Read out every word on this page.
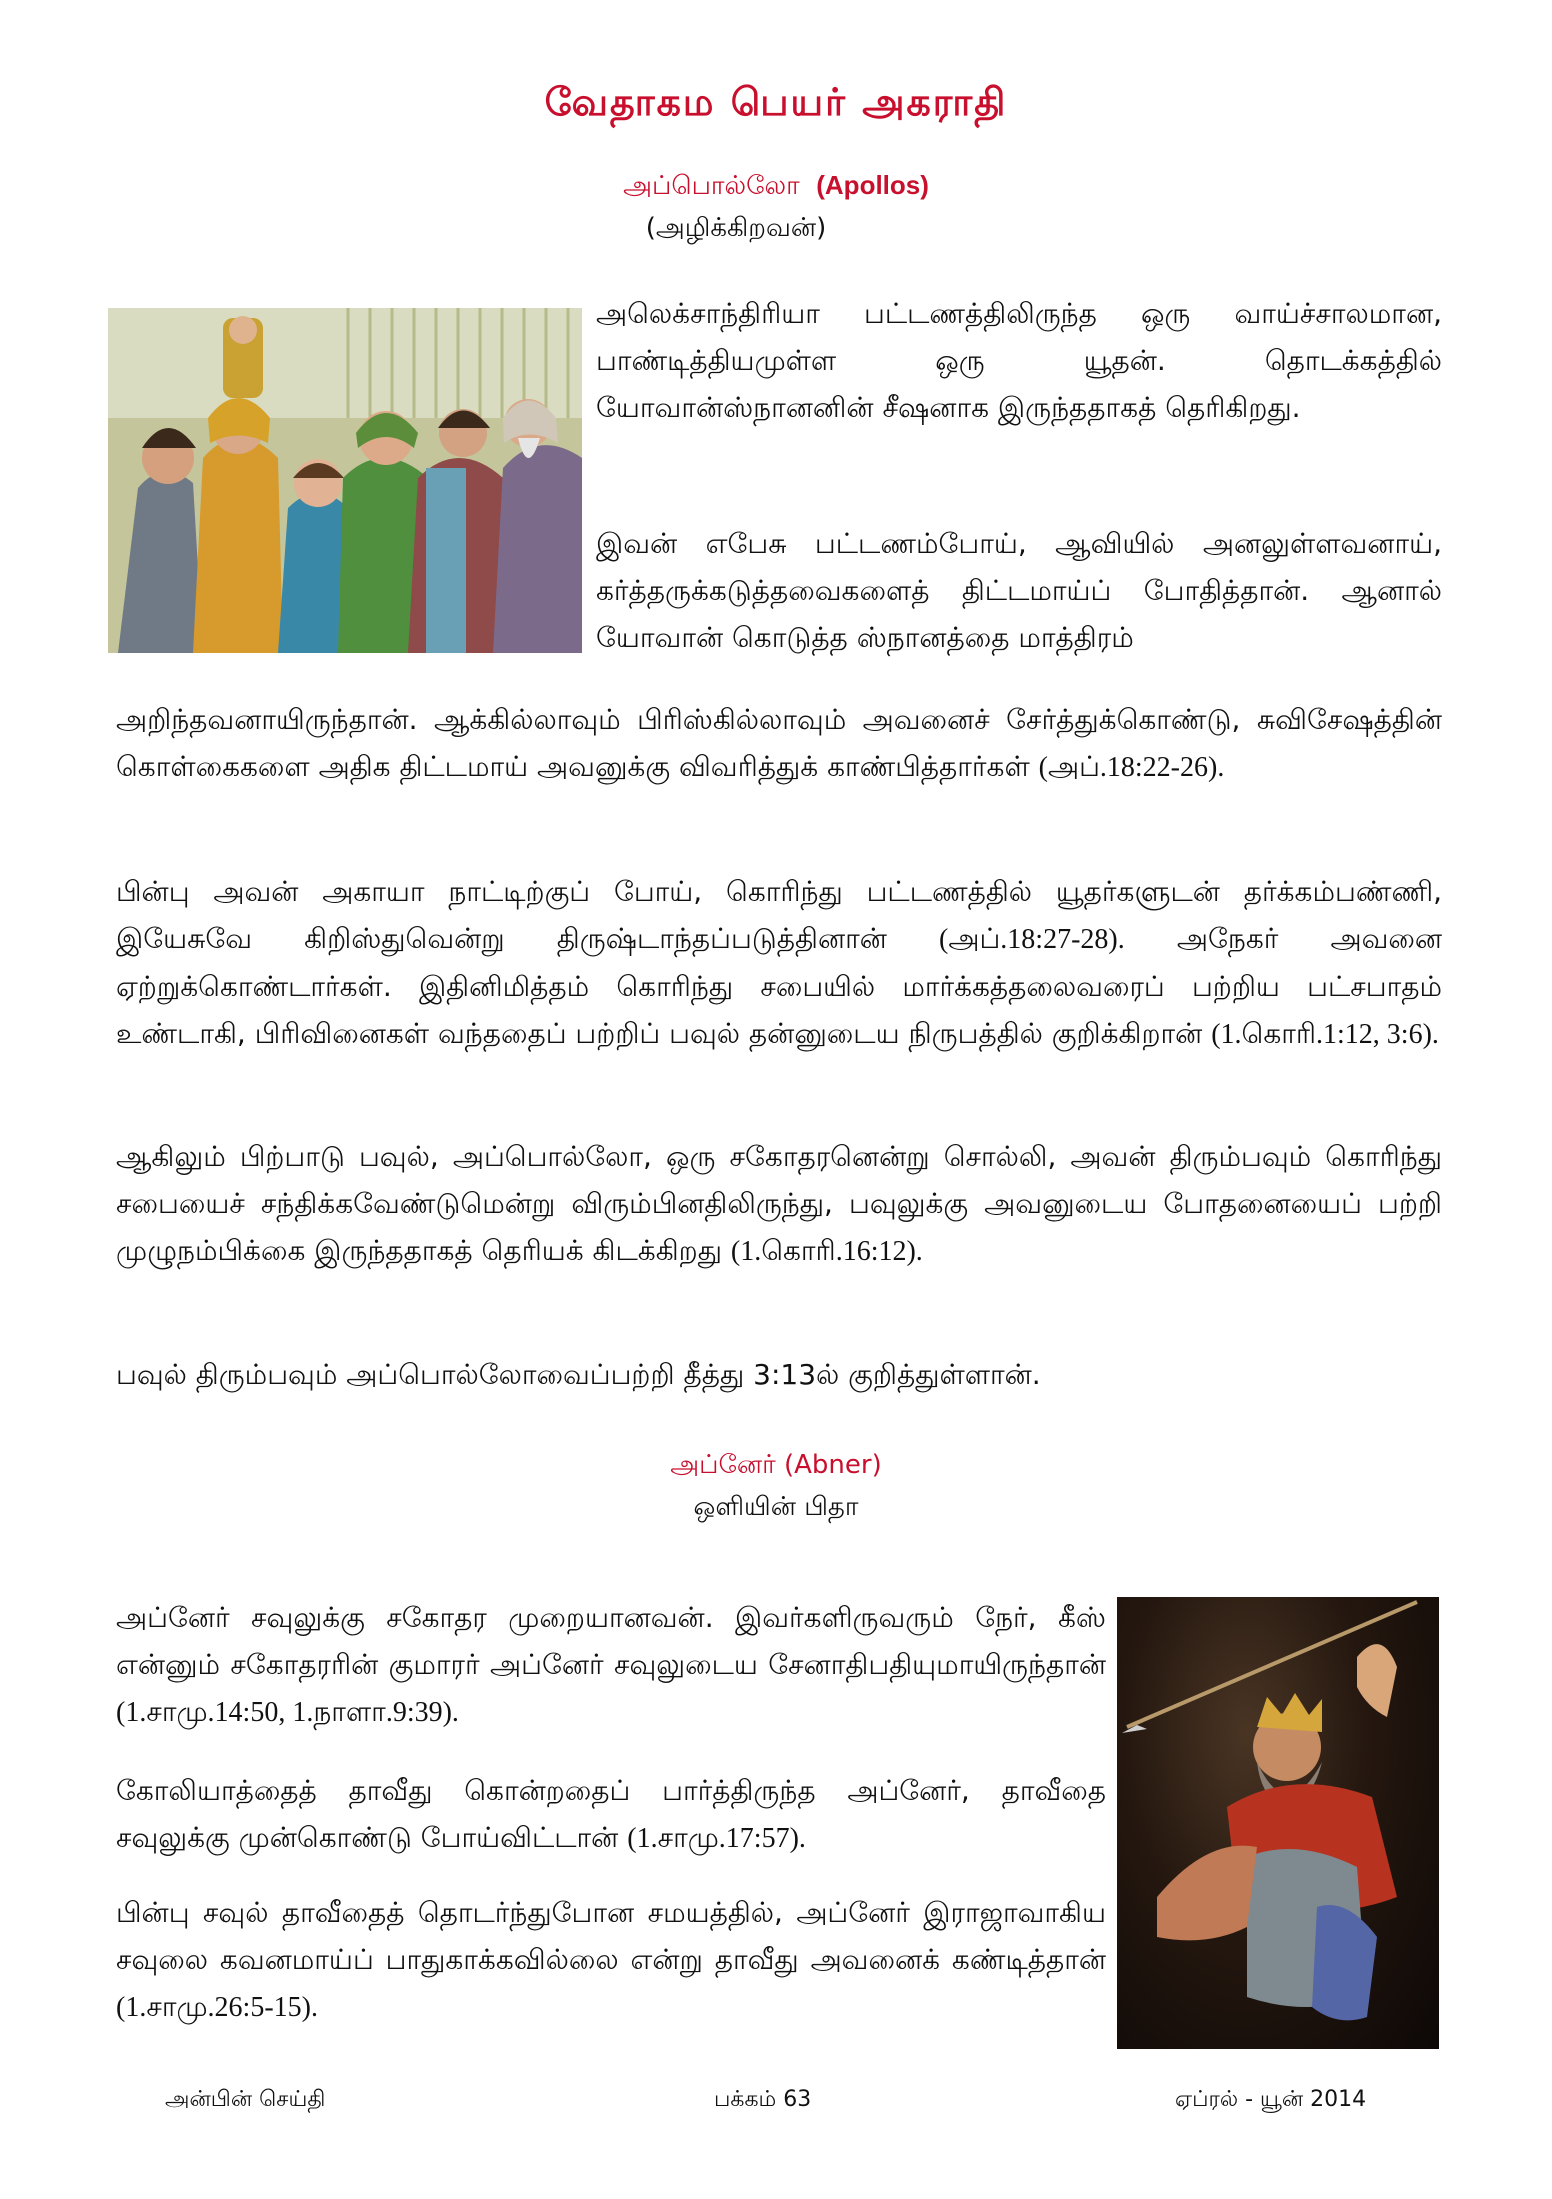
வேதாகம பெயர் அகராதி
அப்பொல்லோ (Apollos)
(அழிக்கிறவன்)

அலெக்சாந்திரியா பட்டணத்திலிருந்த ஒரு வாய்ச்சாலமான, பாண்டித்தியமுள்ள ஒரு யூதன். தொடக்கத்தில் யோவான்ஸ்நானனின் சீஷனாக இருந்ததாகத் தெரிகிறது.

இவன் எபேசு பட்டணம்போய், ஆவியில் அனலுள்ளவனாய், கர்த்தருக்கடுத்தவைகளைத் திட்டமாய்ப் போதித்தான். ஆனால் யோவான் கொடுத்த ஸ்நானத்தை மாத்திரம்

அறிந்தவனாயிருந்தான். ஆக்கில்லாவும் பிரிஸ்கில்லாவும் அவனைச் சேர்த்துக்கொண்டு, சுவிசேஷத்தின் கொள்கைகளை அதிக திட்டமாய் அவனுக்கு விவரித்துக் காண்பித்தார்கள் (அப்.18:22-26).

பின்பு அவன் அகாயா நாட்டிற்குப் போய், கொரிந்து பட்டணத்தில் யூதர்களுடன் தர்க்கம்பண்ணி, இயேசுவே கிறிஸ்துவென்று திருஷ்டாந்தப்படுத்தினான் (அப்.18:27-28). அநேகர் அவனை ஏற்றுக்கொண்டார்கள். இதினிமித்தம் கொரிந்து சபையில் மார்க்கத்தலைவரைப் பற்றிய பட்சபாதம் உண்டாகி, பிரிவினைகள் வந்ததைப் பற்றிப் பவுல் தன்னுடைய நிருபத்தில் குறிக்கிறான் (1.கொரி.1:12, 3:6).

ஆகிலும் பிற்பாடு பவுல், அப்பொல்லோ, ஒரு சகோதரனென்று சொல்லி, அவன் திரும்பவும் கொரிந்து சபையைச் சந்திக்கவேண்டுமென்று விரும்பினதிலிருந்து, பவுலுக்கு அவனுடைய போதனையைப் பற்றி முழுநம்பிக்கை இருந்ததாகத் தெரியக் கிடக்கிறது (1.கொரி.16:12).

பவுல் திரும்பவும் அப்பொல்லோவைப்பற்றி தீத்து 3:13ல் குறித்துள்ளான்.

அப்னேர் (Abner)
ஒளியின் பிதா

அப்னேர் சவுலுக்கு சகோதர முறையானவன். இவர்களிருவரும் நேர், கீஸ் என்னும் சகோதரரின் குமாரர் அப்னேர் சவுலுடைய சேனாதிபதியுமாயிருந்தான் (1.சாமு.14:50, 1.நாளா.9:39).

கோலியாத்தைத் தாவீது கொன்றதைப் பார்த்திருந்த அப்னேர், தாவீதை சவுலுக்கு முன்கொண்டு போய்விட்டான் (1.சாமு.17:57).

பின்பு சவுல் தாவீதைத் தொடர்ந்துபோன சமயத்தில், அப்னேர் இராஜாவாகிய சவுலை கவனமாய்ப் பாதுகாக்கவில்லை என்று தாவீது அவனைக் கண்டித்தான் (1.சாமு.26:5-15).

அன்பின் செய்தி	பக்கம் 63	ஏப்ரல் - யூன் 2014
